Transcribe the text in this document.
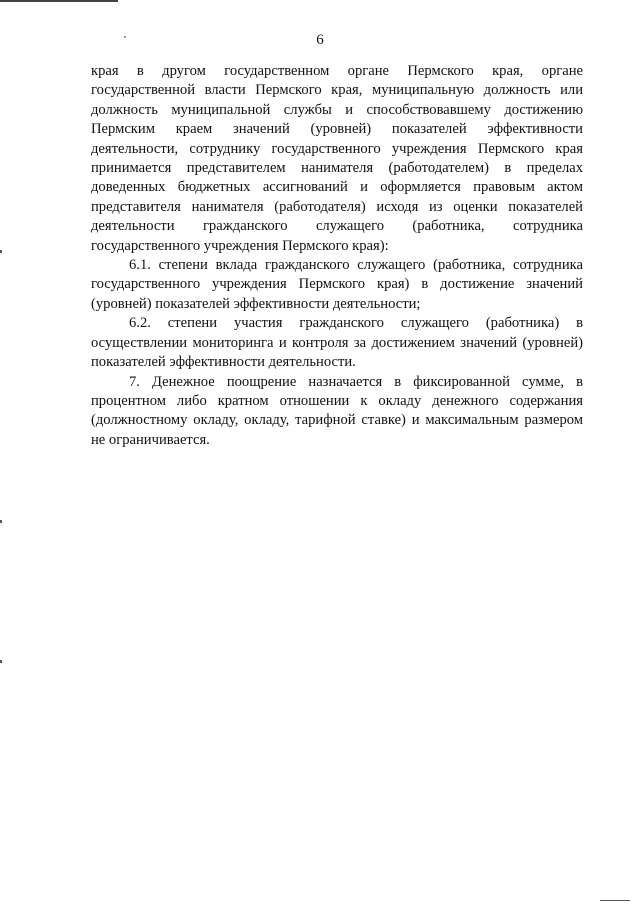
6

края в другом государственном органе Пермского края, органе государственной власти Пермского края, муниципальную должность или должность муниципальной службы и способствовавшему достижению Пермским краем значений (уровней) показателей эффективности деятельности, сотруднику государственного учреждения Пермского края принимается представителем нанимателя (работодателем) в пределах доведенных бюджетных ассигнований и оформляется правовым актом представителя нанимателя (работодателя) исходя из оценки показателей деятельности гражданского служащего (работника, сотрудника государственного учреждения Пермского края):

6.1. степени вклада гражданского служащего (работника, сотрудника государственного учреждения Пермского края) в достижение значений (уровней) показателей эффективности деятельности;

6.2. степени участия гражданского служащего (работника) в осуществлении мониторинга и контроля за достижением значений (уровней) показателей эффективности деятельности.

7. Денежное поощрение назначается в фиксированной сумме, в процентном либо кратном отношении к окладу денежного содержания (должностному окладу, окладу, тарифной ставке) и максимальным размером не ограничивается.
